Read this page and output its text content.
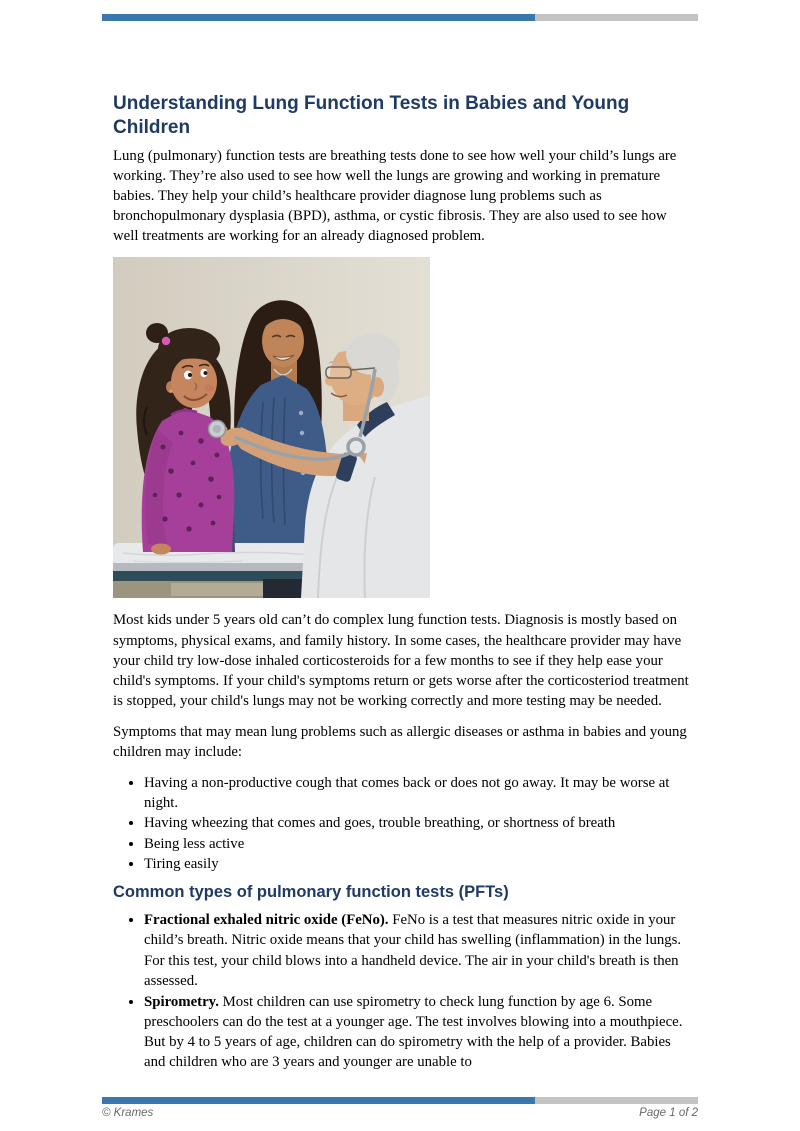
Understanding Lung Function Tests in Babies and Young Children

Lung (pulmonary) function tests are breathing tests done to see how well your child’s lungs are working. They’re also used to see how well the lungs are growing and working in premature babies. They help your child’s healthcare provider diagnose lung problems such as bronchopulmonary dysplasia (BPD), asthma, or cystic fibrosis. They are also used to see how well treatments are working for an already diagnosed problem.

Most kids under 5 years old can’t do complex lung function tests. Diagnosis is mostly based on symptoms, physical exams, and family history. In some cases, the healthcare provider may have your child try low-dose inhaled corticosteroids for a few months to see if they help ease your child's symptoms. If your child's symptoms return or gets worse after the corticosteriod treatment is stopped, your child's lungs may not be working correctly and more testing may be needed.

Symptoms that may mean lung problems such as allergic diseases or asthma in babies and young children may include:

• Having a non-productive cough that comes back or does not go away. It may be worse at night.
• Having wheezing that comes and goes, trouble breathing, or shortness of breath
• Being less active
• Tiring easily
Common types of pulmonary function tests (PFTs)
• Fractional exhaled nitric oxide (FeNo). FeNo is a test that measures nitric oxide in your child’s breath. Nitric oxide means that your child has swelling (inflammation) in the lungs. For this test, your child blows into a handheld device. The air in your child's breath is then assessed.
• Spirometry. Most children can use spirometry to check lung function by age 6. Some preschoolers can do the test at a younger age. The test involves blowing into a mouthpiece. But by 4 to 5 years of age, children can do spirometry with the help of a provider. Babies and children who are 3 years and younger are unable to
© Krames	Page 1 of 2
